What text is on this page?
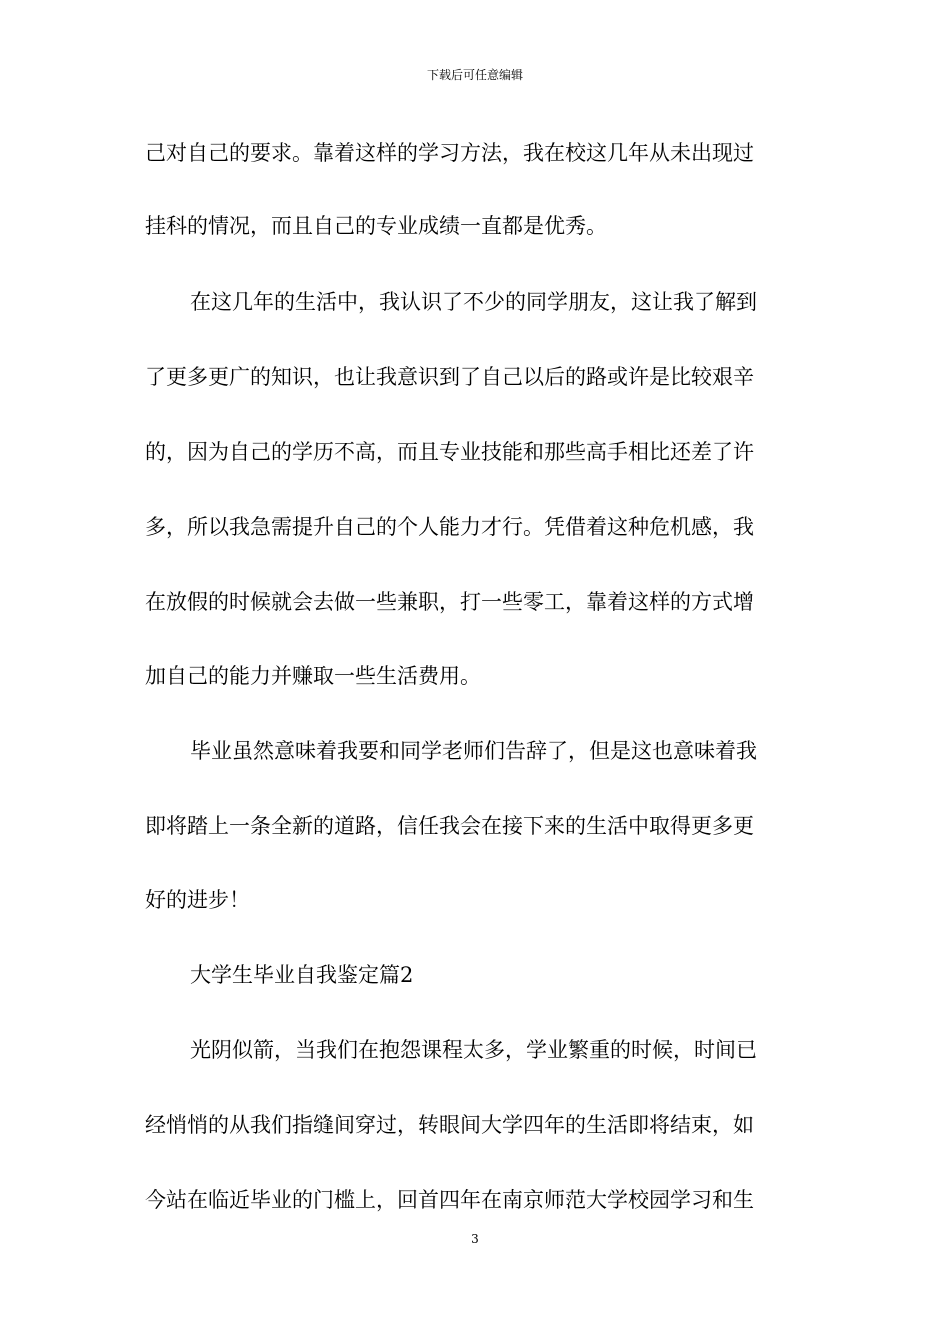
下载后可任意编辑
己对自己的要求。靠着这样的学习方法，我在校这几年从未出现过
挂科的情况，而且自己的专业成绩一直都是优秀。
在这几年的生活中，我认识了不少的同学朋友，这让我了解到
了更多更广的知识，也让我意识到了自己以后的路或许是比较艰辛
的，因为自己的学历不高，而且专业技能和那些高手相比还差了许
多，所以我急需提升自己的个人能力才行。凭借着这种危机感，我
在放假的时候就会去做一些兼职，打一些零工，靠着这样的方式增
加自己的能力并赚取一些生活费用。
毕业虽然意味着我要和同学老师们告辞了，但是这也意味着我
即将踏上一条全新的道路，信任我会在接下来的生活中取得更多更
好的进步！
大学生毕业自我鉴定篇2
光阴似箭，当我们在抱怨课程太多，学业繁重的时候，时间已
经悄悄的从我们指缝间穿过，转眼间大学四年的生活即将结束，如
今站在临近毕业的门槛上，回首四年在南京师范大学校园学习和生
3
